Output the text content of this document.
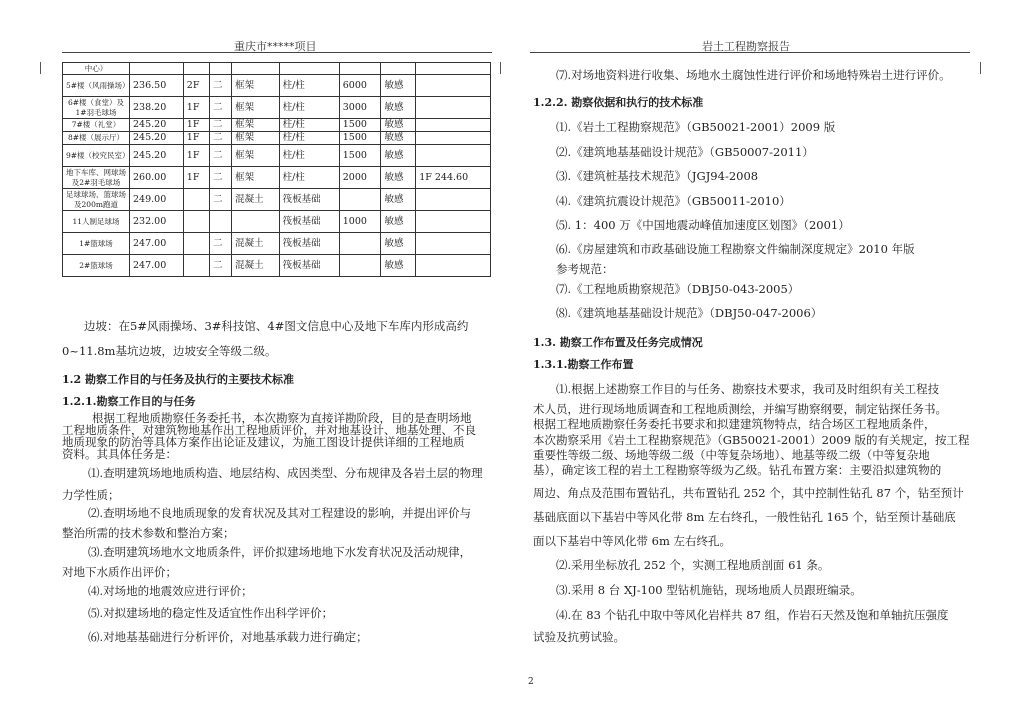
重庆市*****项目	岩土工程勘察报告
中心）								
5#楼（风雨操场）	236.50	2F	二	框架	柱/柱	6000	敏感	
6#楼（食堂）及1#羽毛球场	238.20	1F	二	框架	柱/柱	3000	敏感	
7#楼（礼堂）	245.20	1F	二	框架	柱/柱	1500	敏感	
8#楼（展示厅）	245.20	1F	二	框架	柱/柱	1500	敏感	
9#楼（校究民室）	245.20	1F	二	框架	柱/柱	1500	敏感	
地下车库、网球场及2#羽毛球场	260.00	1F	二	框架	柱/柱	2000	敏感	1F 244.60
足球球场、篮球场及200m跑道	249.00		二	混凝土	筏板基础		敏感	
11人制足球场	232.00				筏板基础	1000	敏感	
1#篮球场	247.00		二	混凝土	筏板基础		敏感	
2#篮球场	247.00		二	混凝土	筏板基础		敏感	
边坡：在5#风雨操场、3#科技馆、4#图文信息中心及地下车库内形成高约
0~11.8m基坑边坡，边坡安全等级二级。
1.2 勘察工作目的与任务及执行的主要技术标准
1.2.1.勘察工作目的与任务
根据工程地质勘察任务委托书，本次勘察为直接详勘阶段，目的是查明场地
工程地质条件，对建筑物地基作出工程地质评价，并对地基设计、地基处理、不良
地质现象的防治等具体方案作出论证及建议，为施工图设计提供详细的工程地质
资料。其具体任务是：
⑴.查明建筑场地地质构造、地层结构、成因类型、分布规律及各岩土层的物理
力学性质；
⑵.查明场地不良地质现象的发育状况及其对工程建设的影响，并提出评价与
整治所需的技术参数和整治方案；
⑶.查明建筑场地水文地质条件，评价拟建场地地下水发育状况及活动规律，
对地下水质作出评价；
⑷.对场地的地震效应进行评价；
⑸.对拟建场地的稳定性及适宜性作出科学评价；
⑹.对地基基础进行分析评价，对地基承载力进行确定；
⑺.对场地资料进行收集、场地水土腐蚀性进行评价和场地特殊岩土进行评价。
1.2.2. 勘察依据和执行的技术标准
⑴.《岩土工程勘察规范》（GB50021-2001）2009 版
⑵.《建筑地基基础设计规范》（GB50007-2011）
⑶.《建筑桩基技术规范》（JGJ94-2008
⑷.《建筑抗震设计规范》（GB50011-2010）
⑸. 1：400 万《中国地震动峰值加速度区划图》（2001）
⑹.《房屋建筑和市政基础设施工程勘察文件编制深度规定》2010 年版
参考规范：
⑺.《工程地质勘察规范》（DBJ50-043-2005）
⑻.《建筑地基基础设计规范》（DBJ50-047-2006）
1.3. 勘察工作布置及任务完成情况
1.3.1.勘察工作布置
⑴.根据上述勘察工作目的与任务、勘察技术要求，我司及时组织有关工程技
术人员，进行现场地质调查和工程地质测绘，并编写勘察纲要，制定钻探任务书。
根据工程地质勘察任务委托书要求和拟建建筑物特点，结合场区工程地质条件，
本次勘察采用《岩土工程勘察规范》（GB50021-2001）2009 版的有关规定，按工程
重要性等级二级、场地等级二级（中等复杂场地）、地基等级二级（中等复杂地
基），确定该工程的岩土工程勘察等级为乙级。钻孔布置方案：主要沿拟建筑物的
周边、角点及范围布置钻孔，共布置钻孔 252 个，其中控制性钻孔 87 个，钻至预计
基础底面以下基岩中等风化带 8m 左右终孔，一般性钻孔 165 个，钻至预计基础底
面以下基岩中等风化带 6m 左右终孔。
⑵.采用坐标放孔 252 个，实测工程地质剖面 61 条。
⑶.采用 8 台 XJ-100 型钻机施钻，现场地质人员跟班编录。
⑷.在 83 个钻孔中取中等风化岩样共 87 组，作岩石天然及饱和单轴抗压强度
试验及抗剪试验。
2
